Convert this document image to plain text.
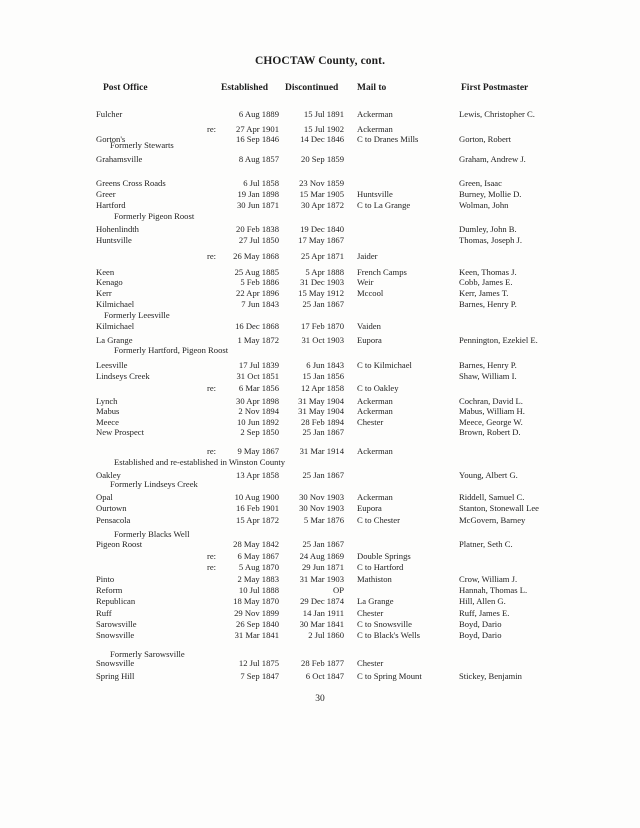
CHOCTAW County, cont.
Post Office	Established Discontinued Mail to	First Postmaster
Fulcher	6 Aug 1889	15 Jul 1891 Ackerman	Lewis, Christopher C.
re: 27 Apr 1901	15 Jul 1902 Ackerman
Gorton's	16 Sep 1846 14 Dec 1846 C to Dranes Mills	Gorton, Robert
Grahamsville	8 Aug 1857	20 Sep 1859	Graham, Andrew J.
Greens Cross Roads	6 Jul 1858 23 Nov 1859	Green, Isaac
Greer	19 Jan 1898 15 Mar 1905 Huntsville	Burney, Mollie D.
Hartford	30 Jun 1871	30 Apr 1872 C to La Grange	Wolman, John
Hohenlindth	20 Feb 1838 19 Dec 1840	Dumley, John B.
Huntsville	27 Jul 1850 17 May 1867	Thomas, Joseph J.
re: 26 May 1868	25 Apr 1871 Jaider
Keen	25 Aug 1885	5 Apr 1888 French Camps	Keen, Thomas J.
Kenago	5 Feb 1886 31 Dec 1903 Weir	Cobb, James E.
Kerr	22 Apr 1896 15 May 1912 Mccool	Kerr, James T.
Kilmichael	7 Jun 1843	25 Jan 1867	Barnes, Henry P.
Kilmichael	16 Dec 1868	17 Feb 1870 Vaiden
La Grange	1 May 1872	31 Oct 1903 Eupora	Pennington, Ezekiel E.
Leesville	17 Jul 1839	6 Jun 1843 C to Kilmichael	Barnes, Henry P.
Lindseys Creek	31 Oct 1851	15 Jan 1856	Shaw, William I.
re:	6 Mar 1856	12 Apr 1858 C to Oakley
Lynch	30 Apr 1898 31 May 1904 Ackerman	Cochran, David L.
Mabus	2 Nov 1894 31 May 1904 Ackerman	Mabus, William H.
Meece	10 Jun 1892	28 Feb 1894 Chester	Meece, George W.
New Prospect	2 Sep 1850	25 Jan 1867	Brown, Robert D.
re: 9 May 1867 31 Mar 1914 Ackerman
Oakley	13 Apr 1858	25 Jan 1867	Young, Albert G.
Opal	10 Aug 1900 30 Nov 1903 Ackerman	Riddell, Samuel C.
Ourtown	16 Feb 1901 30 Nov 1903 Eupora	Stanton, Stonewall Lee
Pensacola	15 Apr 1872	5 Mar 1876 C to Chester	McGovern, Barney
Pigeon Roost	28 May 1842	25 Jan 1867	Platner, Seth C.
re: 6 May 1867 24 Aug 1869 Double Springs
re:	5 Aug 1870	29 Jun 1871 C to Hartford
Pinto	2 May 1883 31 Mar 1903 Mathiston	Crow, William J.
Reform	10 Jul 1888	OP	Hannah, Thomas L.
Republican	18 May 1870 29 Dec 1874 La Grange	Hill, Allen G.
Ruff	29 Nov 1899	14 Jan 1911 Chester	Ruff, James E.
Sarowsville	26 Sep 1840 30 Mar 1841 C to Snowsville	Boyd, Dario
Snowsville	31 Mar 1841	2 Jul 1860 C to Black's Wells	Boyd, Dario
Snowsville	12 Jul 1875	28 Feb 1877 Chester
Spring Hill	7 Sep 1847	6 Oct 1847 C to Spring Mount	Stickey, Benjamin
Formerly Stewarts
Formerly Pigeon Roost
Formerly Leesville
Formerly Hartford, Pigeon Roost
Established and re-established in Winston County
Formerly Lindseys Creek
Formerly Blacks Well
Formerly Sarowsville
30
